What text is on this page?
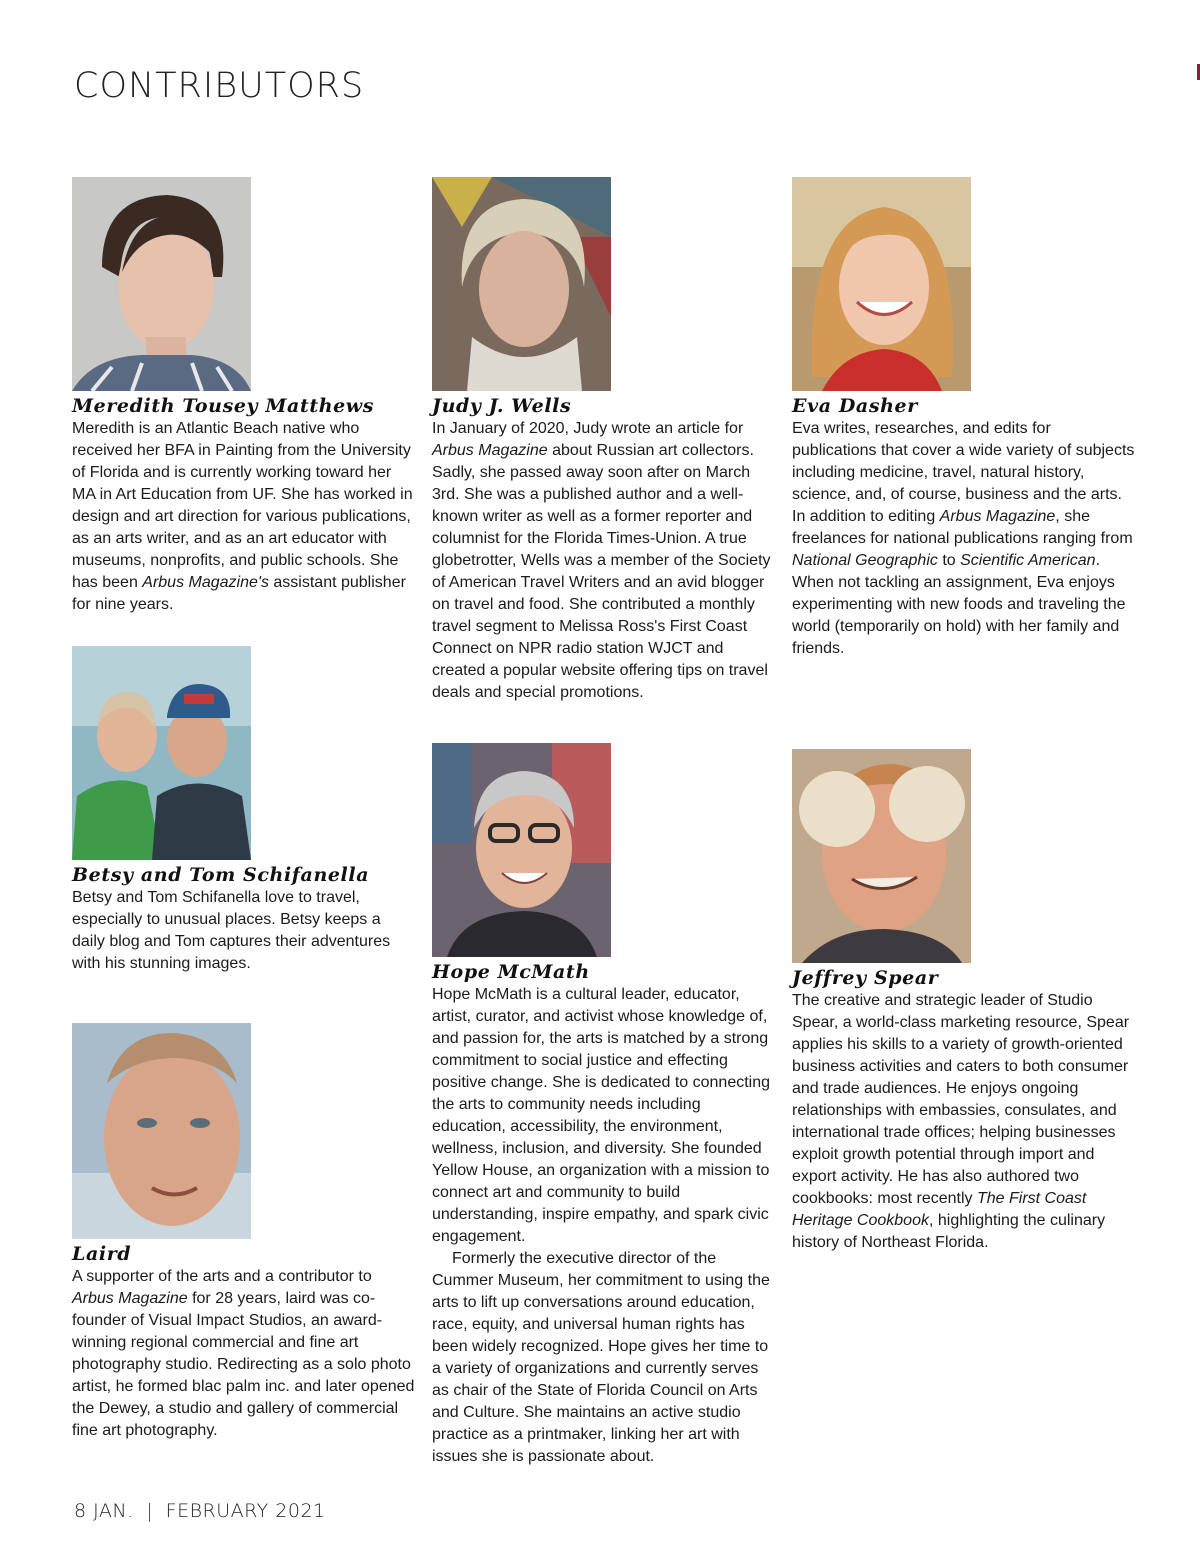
CONTRIBUTORS
Meredith Tousey Matthews

Meredith is an Atlantic Beach native who received her BFA in Painting from the University of Florida and is currently working toward her MA in Art Education from UF. She has worked in design and art direction for various publications, as an arts writer, and as an art educator with museums, nonprofits, and public schools. She has been Arbus Magazine's assistant publisher for nine years.

Betsy and Tom Schifanella

Betsy and Tom Schifanella love to travel, especially to unusual places. Betsy keeps a daily blog and Tom captures their adventures with his stunning images.

Laird

A supporter of the arts and a contributor to Arbus Magazine for 28 years, laird was co-founder of Visual Impact Studios, an award-winning regional commercial and fine art photography studio. Redirecting as a solo photo artist, he formed blac palm inc. and later opened the Dewey, a studio and gallery of commercial fine art photography.

Judy J. Wells

In January of 2020, Judy wrote an article for Arbus Magazine about Russian art collectors. Sadly, she passed away soon after on March 3rd. She was a published author and a well-known writer as well as a former reporter and columnist for the Florida Times-Union. A true globetrotter, Wells was a member of the Society of American Travel Writers and an avid blogger on travel and food. She contributed a monthly travel segment to Melissa Ross's First Coast Connect on NPR radio station WJCT and created a popular website offering tips on travel deals and special promotions.

Hope McMath

Hope McMath is a cultural leader, educator, artist, curator, and activist whose knowledge of, and passion for, the arts is matched by a strong commitment to social justice and effecting positive change. She is dedicated to connecting the arts to community needs including education, accessibility, the environment, wellness, inclusion, and diversity. She founded Yellow House, an organization with a mission to connect art and community to build understanding, inspire empathy, and spark civic engagement.

Formerly the executive director of the Cummer Museum, her commitment to using the arts to lift up conversations around education, race, equity, and universal human rights has been widely recognized. Hope gives her time to a variety of organizations and currently serves as chair of the State of Florida Council on Arts and Culture. She maintains an active studio practice as a printmaker, linking her art with issues she is passionate about.

Eva Dasher

Eva writes, researches, and edits for publications that cover a wide variety of subjects including medicine, travel, natural history, science, and, of course, business and the arts. In addition to editing Arbus Magazine, she freelances for national publications ranging from National Geographic to Scientific American. When not tackling an assignment, Eva enjoys experimenting with new foods and traveling the world (temporarily on hold) with her family and friends.

Jeffrey Spear

The creative and strategic leader of Studio Spear, a world-class marketing resource, Spear applies his skills to a variety of growth-oriented business activities and caters to both consumer and trade audiences. He enjoys ongoing relationships with embassies, consulates, and international trade offices; helping businesses exploit growth potential through import and export activity. He has also authored two cookbooks: most recently The First Coast Heritage Cookbook, highlighting the culinary history of Northeast Florida.

8 JAN. | FEBRUARY 2021
